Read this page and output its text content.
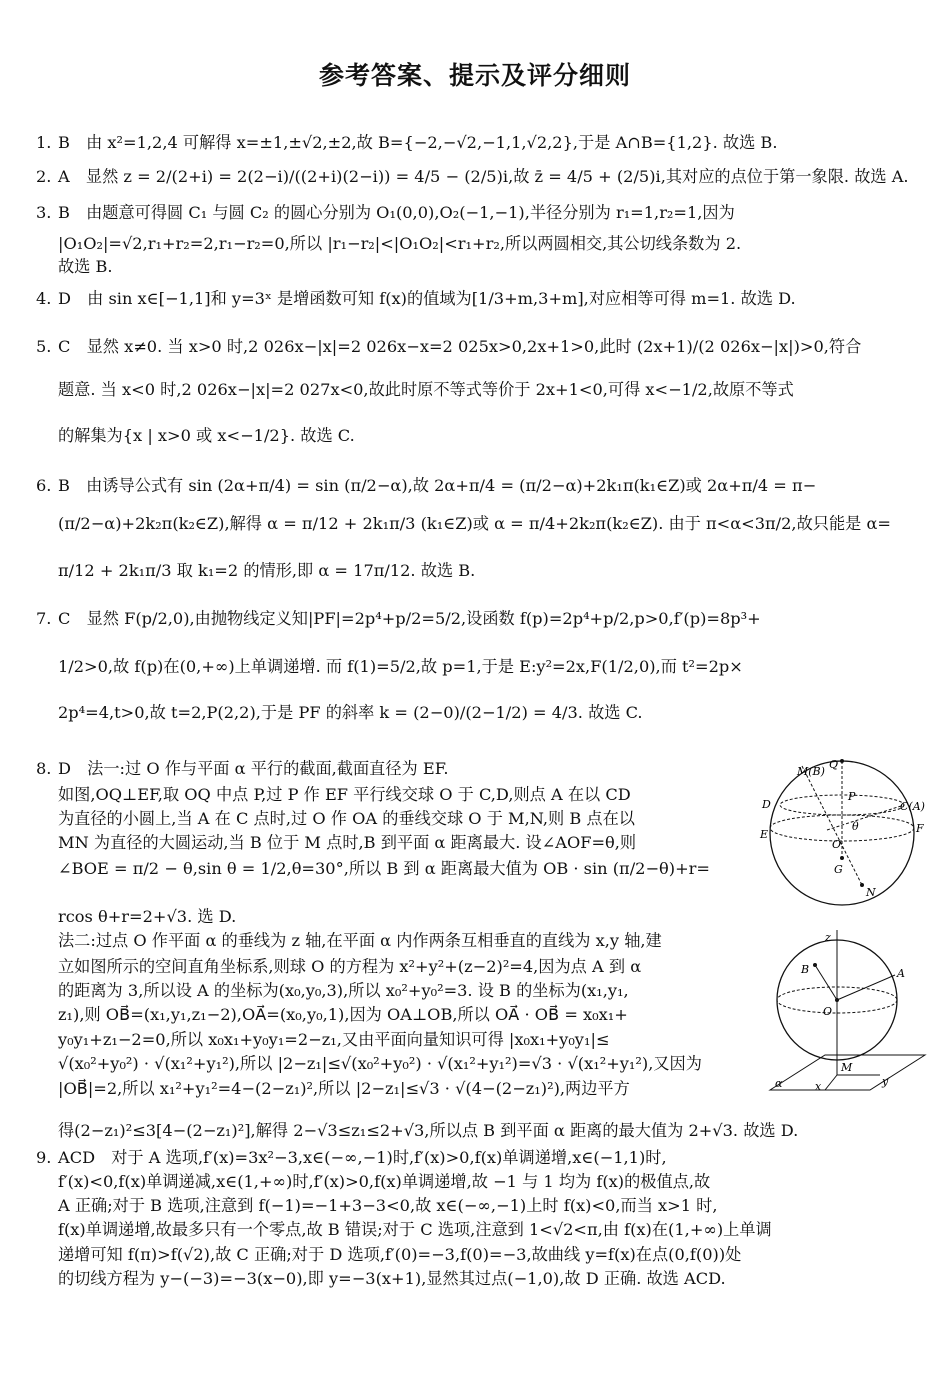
参考答案、提示及评分细则
1. B　由 x²=1,2,4 可解得 x=±1,±√2,±2,故 B={−2,−√2,−1,1,√2,2},于是 A∩B={1,2}. 故选 B.
2. A　显然 z = 2/(2+i) = 2(2−i)/((2+i)(2−i)) = 4/5 − (2/5)i,故 z̄ = 4/5 + (2/5)i,其对应的点位于第一象限. 故选 A.
3. B　由题意可得圆 C₁ 与圆 C₂ 的圆心分别为 O₁(0,0),O₂(−1,−1),半径分别为 r₁=1,r₂=1,因为
|O₁O₂|=√2,r₁+r₂=2,r₁−r₂=0,所以 |r₁−r₂|<|O₁O₂|<r₁+r₂,所以两圆相交,其公切线条数为 2.
故选 B.
4. D　由 sin x∈[−1,1]和 y=3ˣ 是增函数可知 f(x)的值域为[1/3+m,3+m],对应相等可得 m=1. 故选 D.
5. C　显然 x≠0. 当 x>0 时,2 026x−|x|=2 026x−x=2 025x>0,2x+1>0,此时 (2x+1)/(2 026x−|x|)>0,符合
题意. 当 x<0 时,2 026x−|x|=2 027x<0,故此时原不等式等价于 2x+1<0,可得 x<−1/2,故原不等式
的解集为{x | x>0 或 x<−1/2}. 故选 C.
6. B　由诱导公式有 sin (2α+π/4) = sin (π/2−α),故 2α+π/4 = (π/2−α)+2k₁π(k₁∈Z)或 2α+π/4 = π−
(π/2−α)+2k₂π(k₂∈Z),解得 α = π/12 + 2k₁π/3 (k₁∈Z)或 α = π/4+2k₂π(k₂∈Z). 由于 π<α<3π/2,故只能是 α=
π/12 + 2k₁π/3 取 k₁=2 的情形,即 α = 17π/12. 故选 B.
7. C　显然 F(p/2,0),由抛物线定义知|PF|=2p⁴+p/2=5/2,设函数 f(p)=2p⁴+p/2,p>0,f′(p)=8p³+
1/2>0,故 f(p)在(0,+∞)上单调递增. 而 f(1)=5/2,故 p=1,于是 E:y²=2x,F(1/2,0),而 t²=2p×
2p⁴=4,t>0,故 t=2,P(2,2),于是 PF 的斜率 k = (2−0)/(2−1/2) = 4/3. 故选 C.
8. D　法一:过 O 作与平面 α 平行的截面,截面直径为 EF.
如图,OQ⊥EF,取 OQ 中点 P,过 P 作 EF 平行线交球 O 于 C,D,则点 A 在以 CD
为直径的小圆上,当 A 在 C 点时,过 O 作 OA 的垂线交球 O 于 M,N,则 B 点在以
MN 为直径的大圆运动,当 B 位于 M 点时,B 到平面 α 距离最大. 设∠AOF=θ,则
∠BOE = π/2 − θ,sin θ = 1/2,θ=30°,所以 B 到 α 距离最大值为 OB · sin (π/2−θ)+r=
rcos θ+r=2+√3. 选 D.
法二:过点 O 作平面 α 的垂线为 z 轴,在平面 α 内作两条互相垂直的直线为 x,y 轴,建
立如图所示的空间直角坐标系,则球 O 的方程为 x²+y²+(z−2)²=4,因为点 A 到 α
的距离为 3,所以设 A 的坐标为(x₀,y₀,3),所以 x₀²+y₀²=3. 设 B 的坐标为(x₁,y₁,
z₁),则 OB⃗=(x₁,y₁,z₁−2),OA⃗=(x₀,y₀,1),因为 OA⊥OB,所以 OA⃗ · OB⃗ = x₀x₁+
y₀y₁+z₁−2=0,所以 x₀x₁+y₀y₁=2−z₁,又由平面向量知识可得 |x₀x₁+y₀y₁|≤
√(x₀²+y₀²) · √(x₁²+y₁²),所以 |2−z₁|≤√(x₀²+y₀²) · √(x₁²+y₁²)=√3 · √(x₁²+y₁²),又因为
|OB⃗|=2,所以 x₁²+y₁²=4−(2−z₁)²,所以 |2−z₁|≤√3 · √(4−(2−z₁)²),两边平方
得(2−z₁)²≤3[4−(2−z₁)²],解得 2−√3≤z₁≤2+√3,所以点 B 到平面 α 距离的最大值为 2+√3. 故选 D.
9. ACD　对于 A 选项,f′(x)=3x²−3,x∈(−∞,−1)时,f′(x)>0,f(x)单调递增,x∈(−1,1)时,
f′(x)<0,f(x)单调递减,x∈(1,+∞)时,f′(x)>0,f(x)单调递增,故 −1 与 1 均为 f(x)的极值点,故
A 正确;对于 B 选项,注意到 f(−1)=−1+3−3<0,故 x∈(−∞,−1)上时 f(x)<0,而当 x>1 时,
f(x)单调递增,故最多只有一个零点,故 B 错误;对于 C 选项,注意到 1<√2<π,由 f(x)在(1,+∞)上单调
递增可知 f(π)>f(√2),故 C 正确;对于 D 选项,f′(0)=−3,f(0)=−3,故曲线 y=f(x)在点(0,f(0))处
的切线方程为 y−(−3)=−3(x−0),即 y=−3(x+1),显然其过点(−1,0),故 D 正确. 故选 ACD.
M(B)
Q
P
C(A)
D
E	F
O
θ
G
N
z
B	A
O
M
α	x	y
